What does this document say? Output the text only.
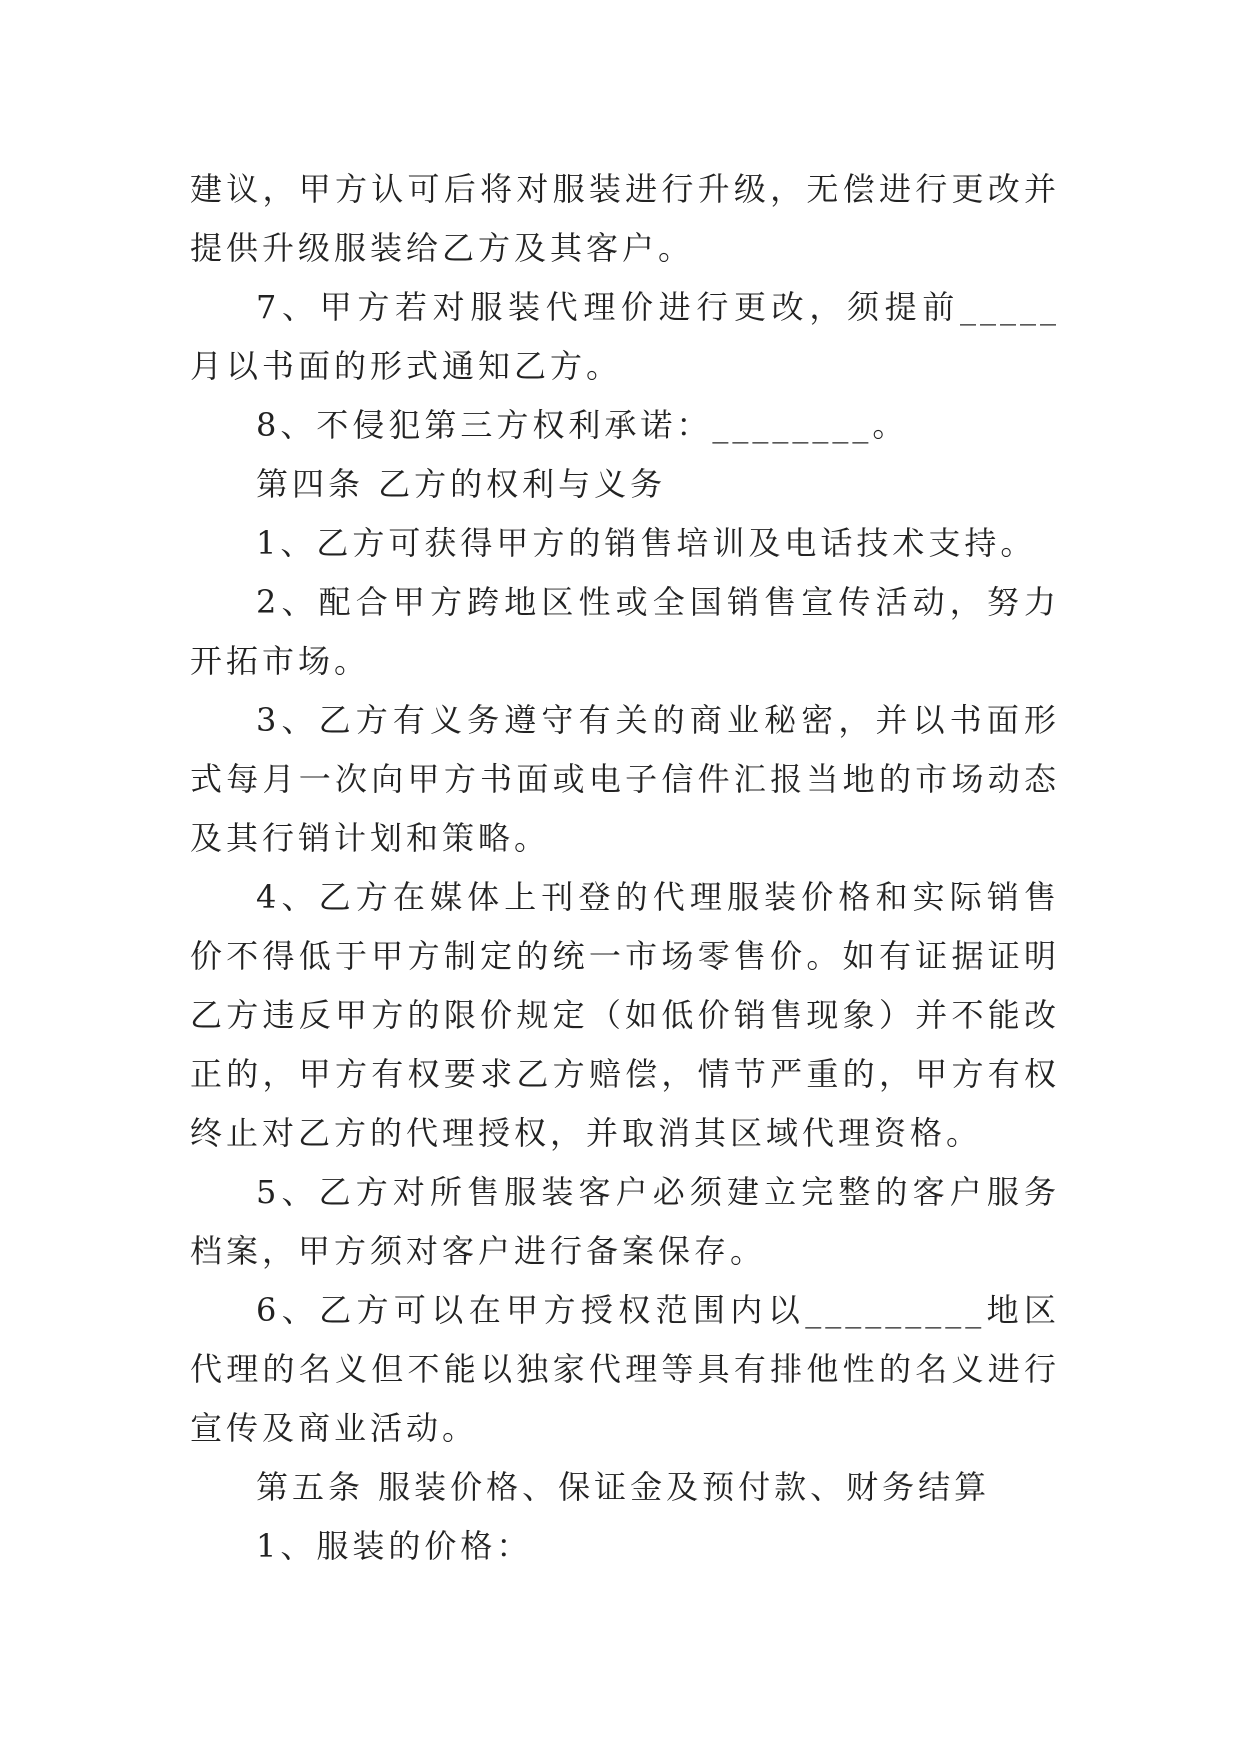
建议，甲方认可后将对服装进行升级，无偿进行更改并提供升级服装给乙方及其客户。

7、甲方若对服装代理价进行更改，须提前_____月以书面的形式通知乙方。

8、不侵犯第三方权利承诺：________。

第四条 乙方的权利与义务

1、乙方可获得甲方的销售培训及电话技术支持。

2、配合甲方跨地区性或全国销售宣传活动，努力开拓市场。

3、乙方有义务遵守有关的商业秘密，并以书面形式每月一次向甲方书面或电子信件汇报当地的市场动态及其行销计划和策略。

4、乙方在媒体上刊登的代理服装价格和实际销售价不得低于甲方制定的统一市场零售价。如有证据证明乙方违反甲方的限价规定（如低价销售现象）并不能改正的，甲方有权要求乙方赔偿，情节严重的，甲方有权终止对乙方的代理授权，并取消其区域代理资格。

5、乙方对所售服装客户必须建立完整的客户服务档案，甲方须对客户进行备案保存。

6、乙方可以在甲方授权范围内以_________地区代理的名义但不能以独家代理等具有排他性的名义进行宣传及商业活动。

第五条 服装价格、保证金及预付款、财务结算

1、服装的价格：
